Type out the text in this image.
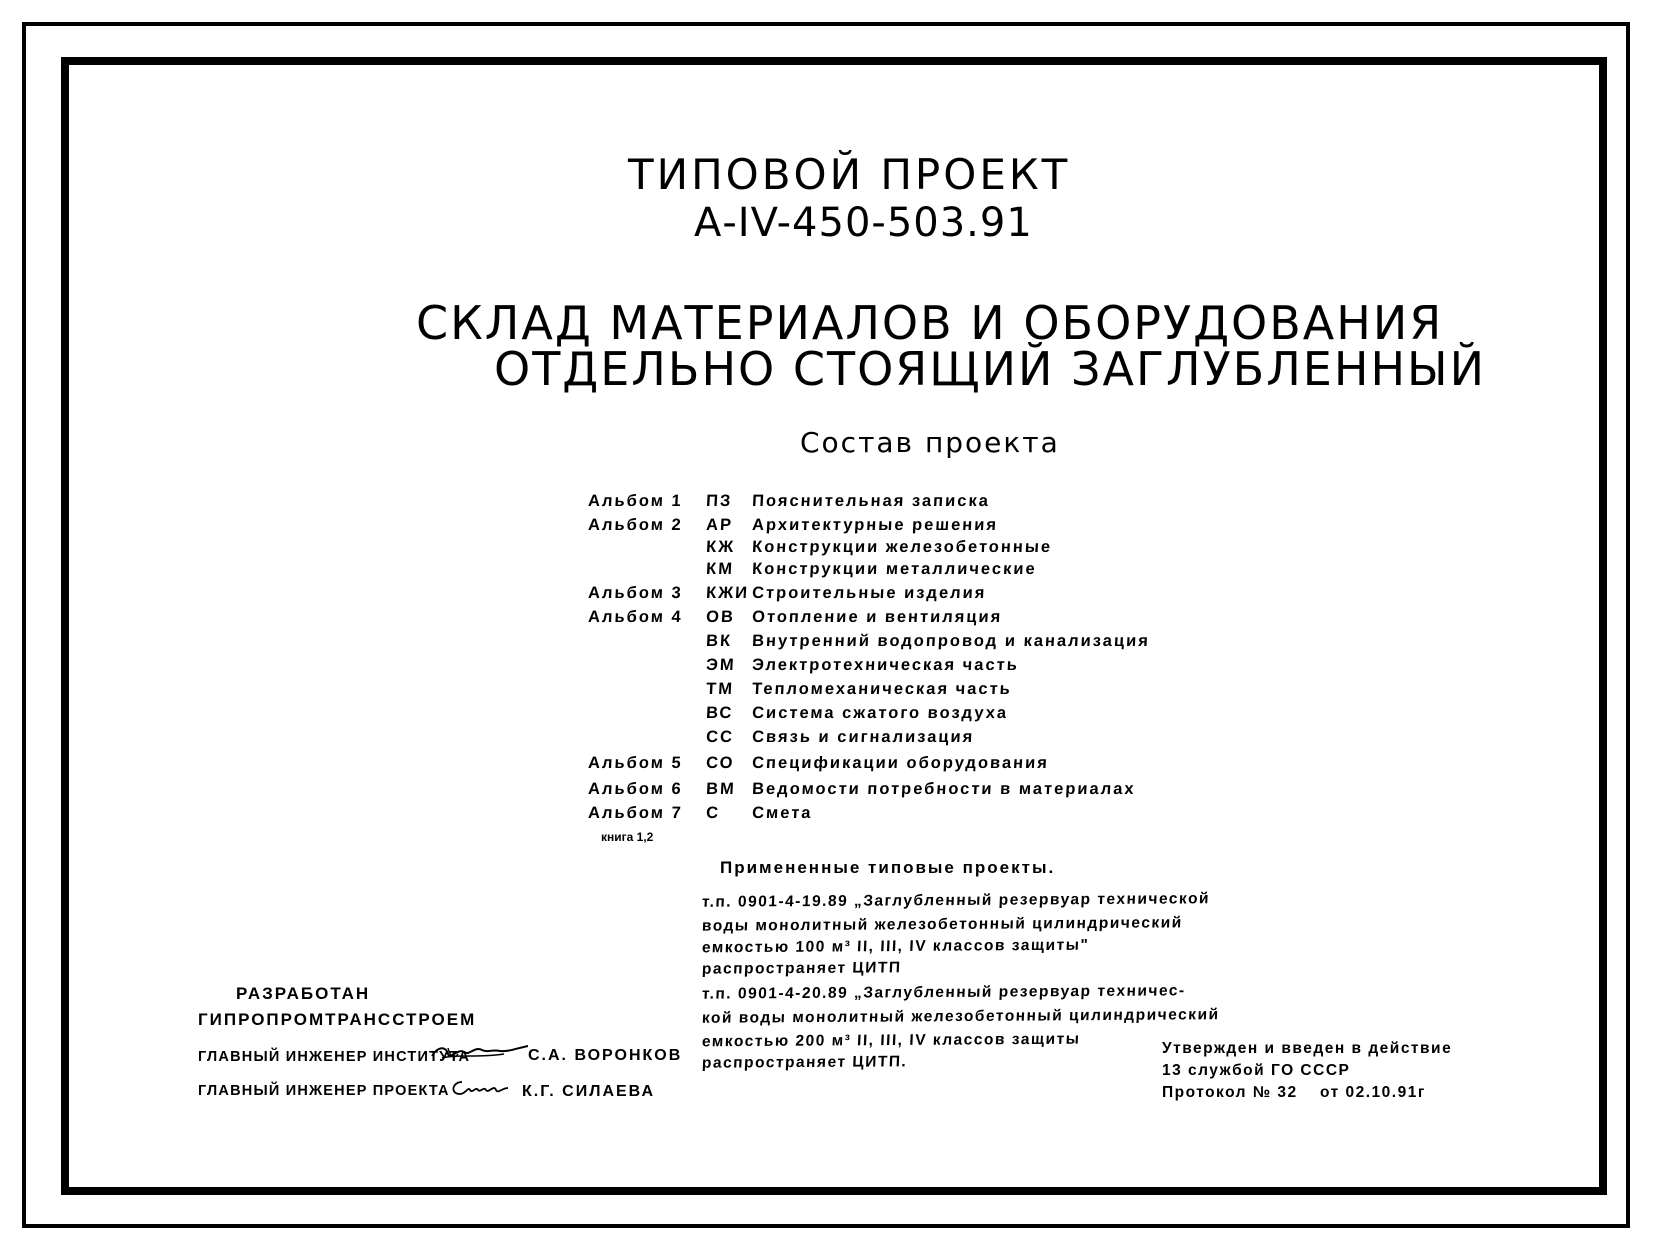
ТИПОВОЙ ПРОЕКТ
А-IV-450-503.91
СКЛАД МАТЕРИАЛОВ И ОБОРУДОВАНИЯ
ОТДЕЛЬНО СТОЯЩИЙ ЗАГЛУБЛЕННЫЙ
Состав проекта
Альбом 1 ПЗ Пояснительная записка
Альбом 2 АР Архитектурные решения
КЖ Конструкции железобетонные
КМ Конструкции металлические
Альбом 3 КЖИ Строительные изделия
Альбом 4 ОВ Отопление и вентиляция
ВК Внутренний водопровод и канализация
ЭМ Электротехническая часть
ТМ Тепломеханическая часть
ВС Система сжатого воздуха
СС Связь и сигнализация
Альбом 5 СО Спецификации оборудования
Альбом 6 ВМ Ведомости потребности в материалах
Альбом 7 С Смета
книга 1,2
Примененные типовые проекты.
т.п. 0901-4-19.89 „Заглубленный резервуар технической
воды монолитный железобетонный цилиндрический
емкостью 100 м³ II, III, IV классов защиты"
распространяет ЦИТП
т.п. 0901-4-20.89 „Заглубленный резервуар техничес-
кой воды монолитный железобетонный цилиндрический
емкостью 200 м³ II, III, IV классов защиты
распространяет ЦИТП.
РАЗРАБОТАН
ГИПРОПРОМТРАНССТРОЕМ
ГЛАВНЫЙ ИНЖЕНЕР ИНСТИТУТА	С.А. ВОРОНКОВ
ГЛАВНЫЙ ИНЖЕНЕР ПРОЕКТА	К.Г. СИЛАЕВА
Утвержден и введен в действие
13 службой ГО СССР
Протокол № 32 от 02.10.91г
